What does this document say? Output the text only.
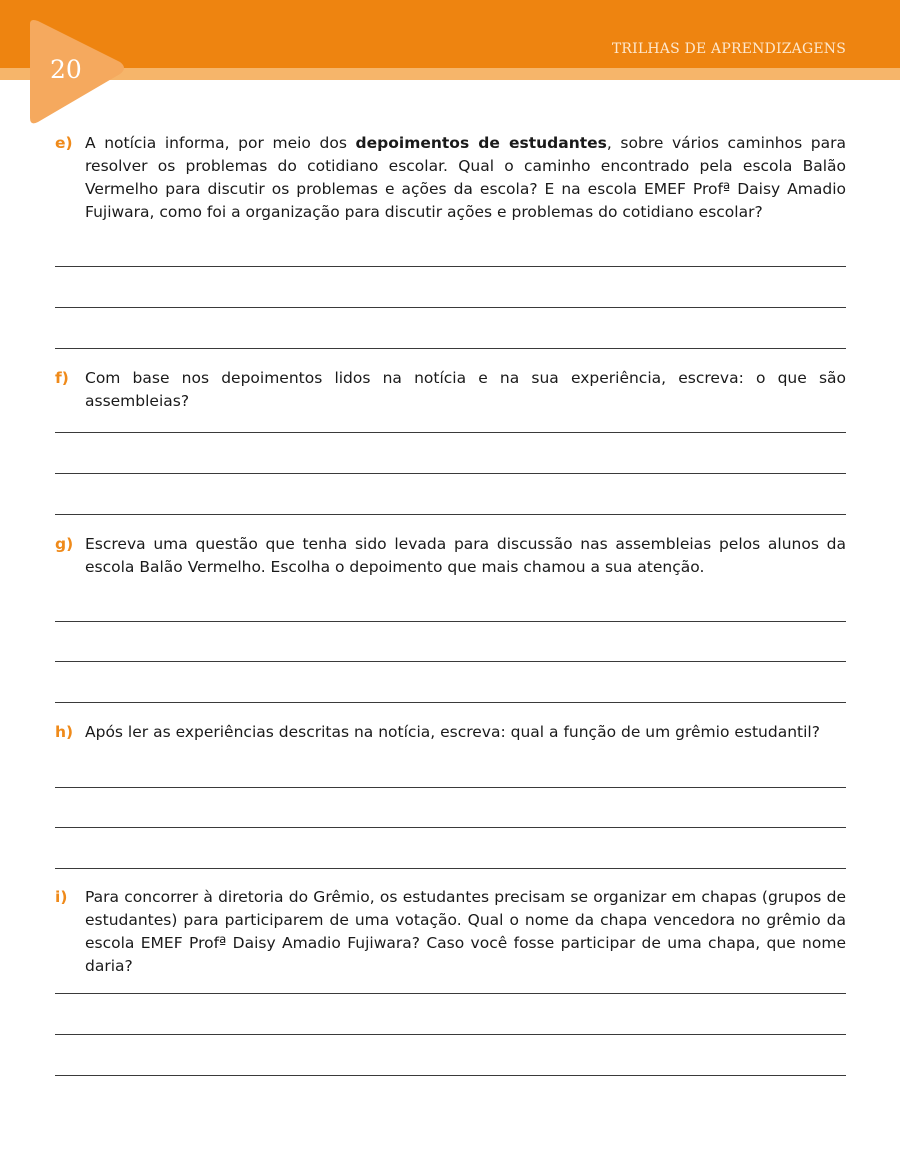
TRILHAS DE APRENDIZAGENS
20
e) A notícia informa, por meio dos depoimentos de estudantes, sobre vários caminhos para resolver os problemas do cotidiano escolar. Qual o caminho encontrado pela escola Balão Vermelho para discutir os problemas e ações da escola? E na escola EMEF Profª Daisy Amadio Fujiwara, como foi a organização para discutir ações e problemas do cotidiano escolar?
f)	Com base nos depoimentos lidos na notícia e na sua experiência, escreva: o que são assembleias?
g) Escreva uma questão que tenha sido levada para discussão nas assembleias pelos alunos da escola Balão Vermelho. Escolha o depoimento que mais chamou a sua atenção.
h) Após ler as experiências descritas na notícia, escreva: qual a função de um grêmio estudantil?
i)	Para concorrer à diretoria do Grêmio, os estudantes precisam se organizar em chapas (grupos de estudantes) para participarem de uma votação. Qual o nome da chapa vencedora no grêmio da escola EMEF Profª Daisy Amadio Fujiwara? Caso você fosse participar de uma chapa, que nome daria?
